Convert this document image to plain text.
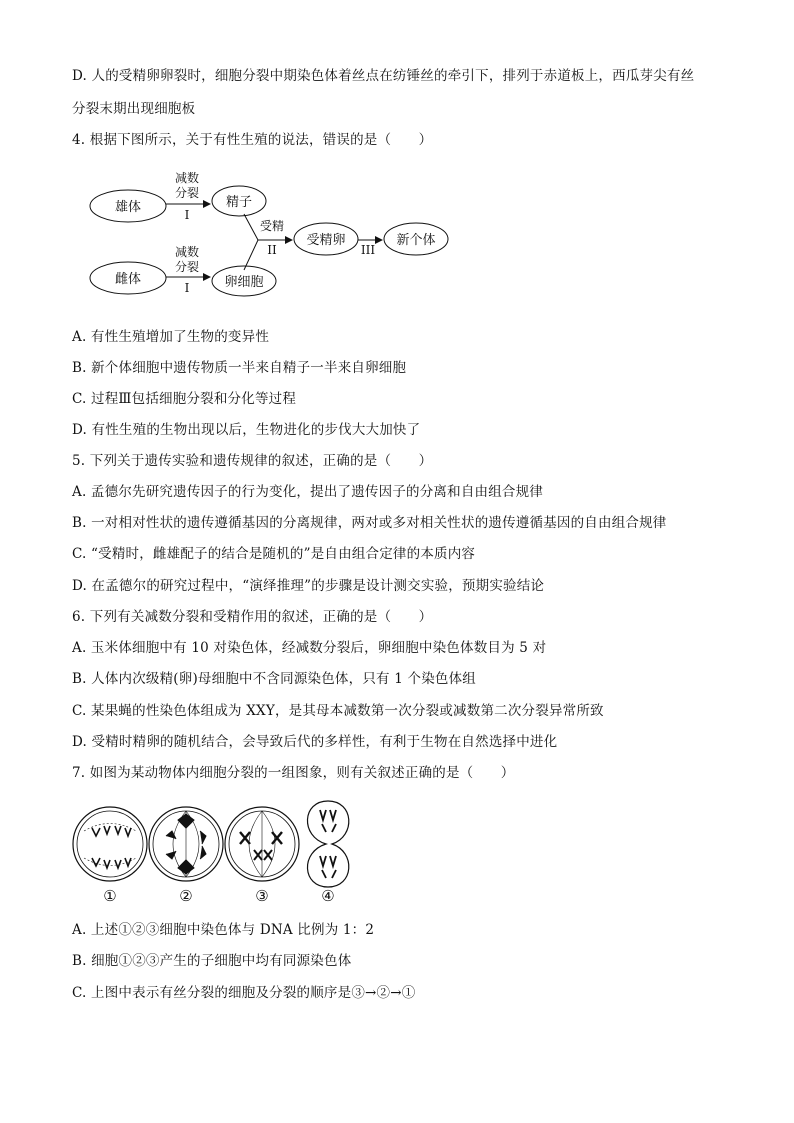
D. 人的受精卵卵裂时，细胞分裂中期染色体着丝点在纺锤丝的牵引下，排列于赤道板上，西瓜芽尖有丝
分裂末期出现细胞板
4. 根据下图所示，关于有性生殖的说法，错误的是（　　）
雄体
雌体
精子
卵细胞
受精卵	新个体
减数
分裂
I
减数
分裂
I
受精
II	III
A. 有性生殖增加了生物的变异性
B. 新个体细胞中遗传物质一半来自精子一半来自卵细胞
C. 过程Ⅲ包括细胞分裂和分化等过程
D. 有性生殖的生物出现以后，生物进化的步伐大大加快了
5. 下列关于遗传实验和遗传规律的叙述，正确的是（　　）
A. 孟德尔先研究遗传因子的行为变化，提出了遗传因子的分离和自由组合规律
B. 一对相对性状的遗传遵循基因的分离规律，两对或多对相关性状的遗传遵循基因的自由组合规律
C. “受精时，雌雄配子的结合是随机的”是自由组合定律的本质内容
D. 在孟德尔的研究过程中，“演绎推理”的步骤是设计测交实验，预期实验结论
6. 下列有关减数分裂和受精作用的叙述，正确的是（　　）
A. 玉米体细胞中有 10 对染色体，经减数分裂后，卵细胞中染色体数目为 5 对
B. 人体内次级精(卵)母细胞中不含同源染色体，只有 1 个染色体组
C. 某果蝇的性染色体组成为 XXY，是其母本减数第一次分裂或减数第二次分裂异常所致
D. 受精时精卵的随机结合，会导致后代的多样性，有利于生物在自然选择中进化
7. 如图为某动物体内细胞分裂的一组图象，则有关叙述正确的是（　　）
①	②	③	④
A. 上述①②③细胞中染色体与 DNA 比例为 1：2
B. 细胞①②③产生的子细胞中均有同源染色体
C. 上图中表示有丝分裂的细胞及分裂的顺序是③→②→①
